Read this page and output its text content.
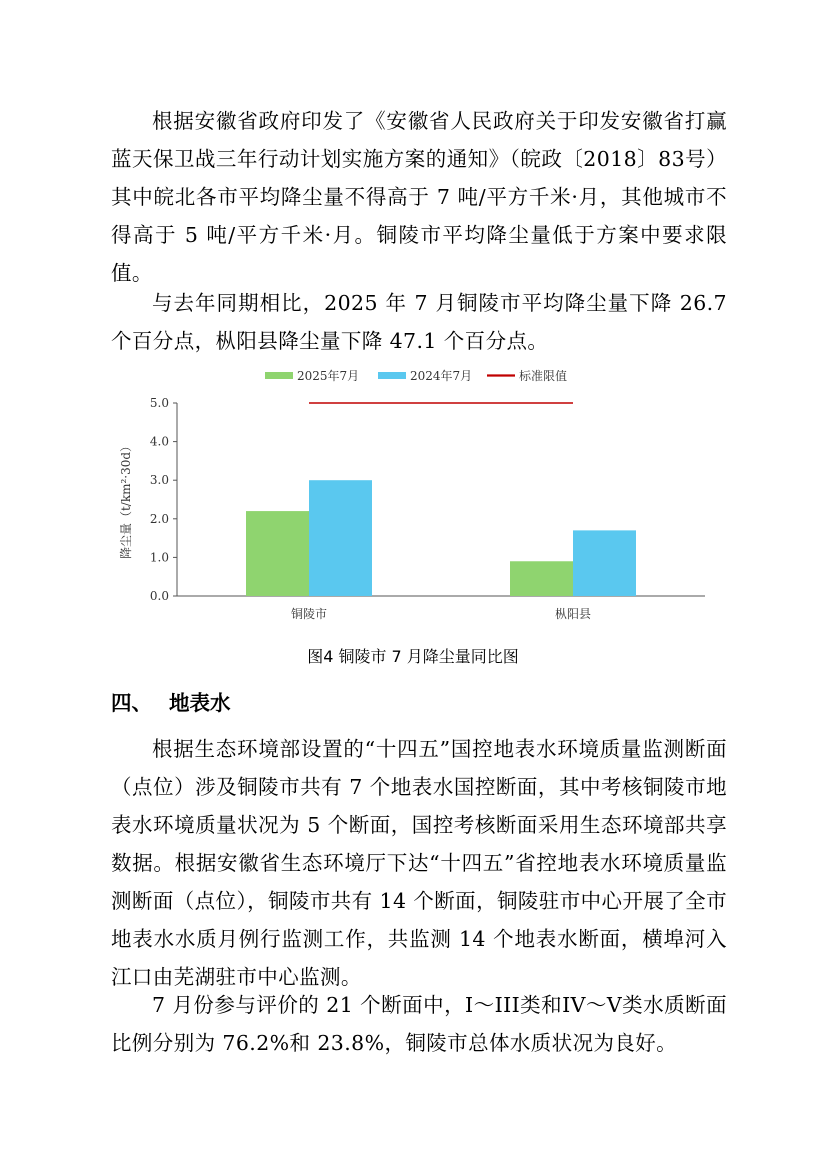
根据安徽省政府印发了《安徽省人民政府关于印发安徽省打赢蓝天保卫战三年行动计划实施方案的通知》（皖政〔2018〕83号）其中皖北各市平均降尘量不得高于 7 吨/平方千米·月，其他城市不得高于 5 吨/平方千米·月。铜陵市平均降尘量低于方案中要求限值。
与去年同期相比，2025 年 7 月铜陵市平均降尘量下降 26.7个百分点，枞阳县降尘量下降 47.1 个百分点。
2025年7月	2024年7月	标准限值
0.0
1.0
2.0
3.0
4.0
5.0
降尘量（t/km²·30d）
铜陵市	枞阳县
图4 铜陵市 7 月降尘量同比图
四、 地表水
根据生态环境部设置的“十四五”国控地表水环境质量监测断面（点位）涉及铜陵市共有 7 个地表水国控断面，其中考核铜陵市地表水环境质量状况为 5 个断面，国控考核断面采用生态环境部共享数据。根据安徽省生态环境厅下达“十四五”省控地表水环境质量监测断面（点位），铜陵市共有 14 个断面，铜陵驻市中心开展了全市地表水水质月例行监测工作，共监测 14 个地表水断面，横埠河入江口由芜湖驻市中心监测。
7 月份参与评价的 21 个断面中，I～III类和IV～V类水质断面比例分别为 76.2%和 23.8%，铜陵市总体水质状况为良好。
